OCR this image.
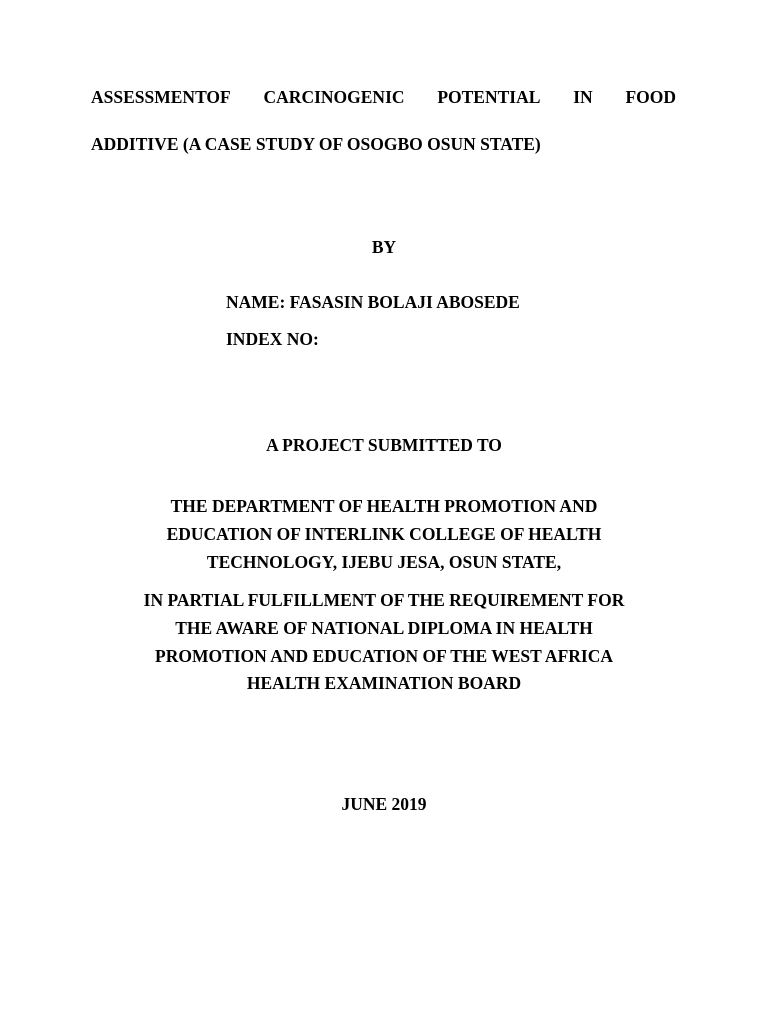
ASSESSMENTOF CARCINOGENIC POTENTIAL IN FOOD
ADDITIVE (A CASE STUDY OF OSOGBO OSUN STATE)
BY
NAME: FASASIN BOLAJI ABOSEDE
INDEX NO:
A PROJECT SUBMITTED TO
THE DEPARTMENT OF HEALTH PROMOTION AND
EDUCATION OF INTERLINK COLLEGE OF HEALTH
TECHNOLOGY, IJEBU JESA, OSUN STATE,
IN PARTIAL FULFILLMENT OF THE REQUIREMENT FOR
THE AWARE OF NATIONAL DIPLOMA IN HEALTH
PROMOTION AND EDUCATION OF THE WEST AFRICA
HEALTH EXAMINATION BOARD
JUNE 2019
